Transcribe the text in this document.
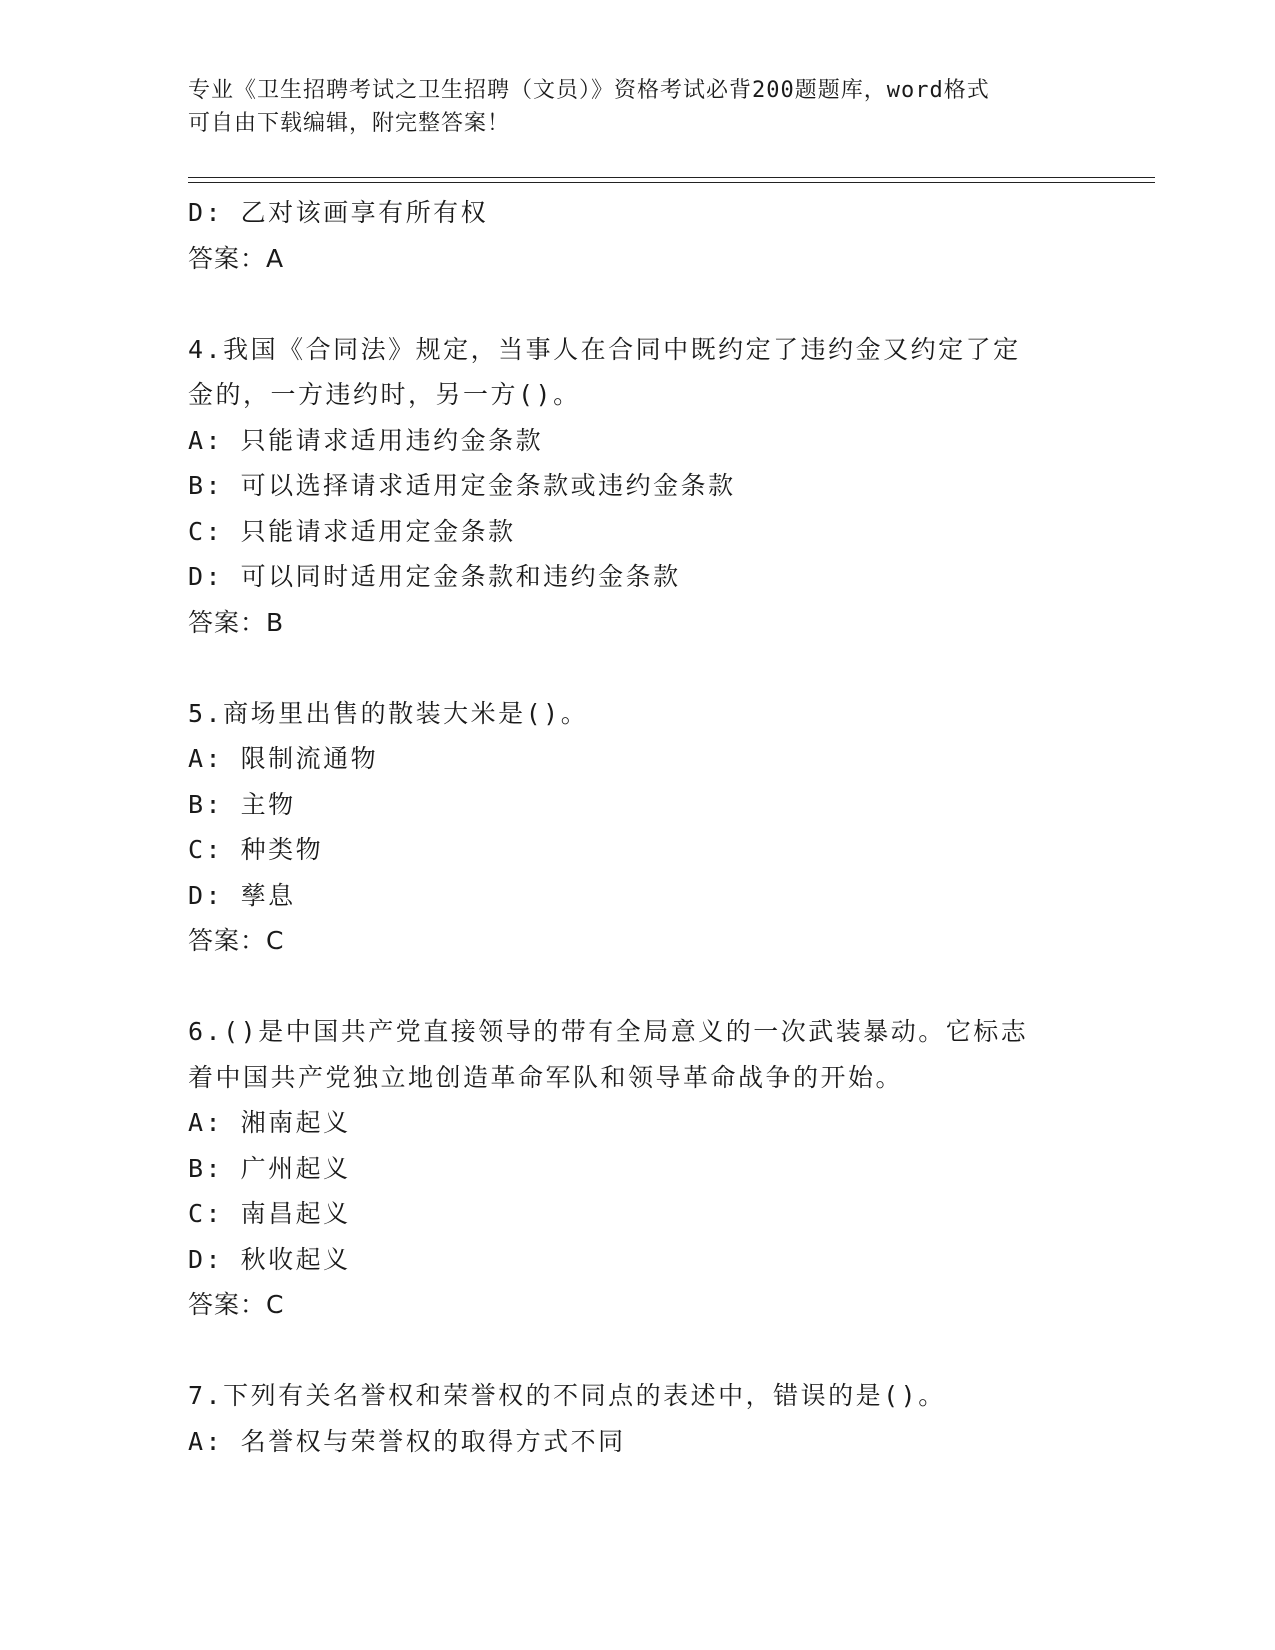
专业《卫生招聘考试之卫生招聘（文员）》资格考试必背200题题库，word格式
可自由下载编辑，附完整答案！
D: 乙对该画享有所有权
答案：A
4.我国《合同法》规定，当事人在合同中既约定了违约金又约定了定
金的，一方违约时，另一方()。
A: 只能请求适用违约金条款
B: 可以选择请求适用定金条款或违约金条款
C: 只能请求适用定金条款
D: 可以同时适用定金条款和违约金条款
答案：B
5.商场里出售的散装大米是()。
A: 限制流通物
B: 主物
C: 种类物
D: 孳息
答案：C
6.()是中国共产党直接领导的带有全局意义的一次武装暴动。它标志
着中国共产党独立地创造革命军队和领导革命战争的开始。
A: 湘南起义
B: 广州起义
C: 南昌起义
D: 秋收起义
答案：C
7.下列有关名誉权和荣誉权的不同点的表述中，错误的是()。
A: 名誉权与荣誉权的取得方式不同
